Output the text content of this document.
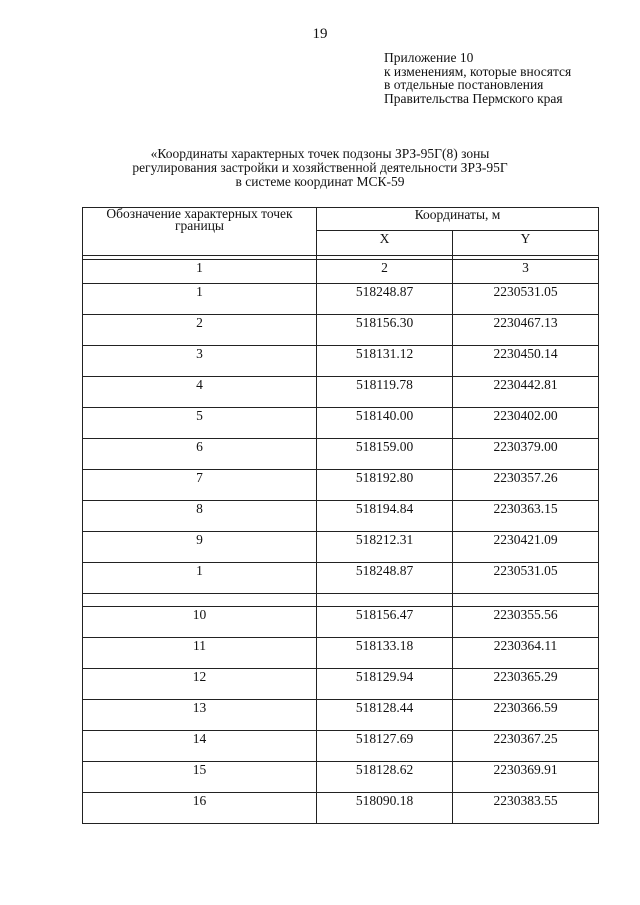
19
Приложение 10
к изменениям, которые вносятся
в отдельные постановления
Правительства Пермского края
«Координаты характерных точек подзоны ЗРЗ-95Г(8) зоны
регулирования застройки и хозяйственной деятельности ЗРЗ-95Г
в системе координат МСК-59
Обозначение характерных точек границы	Координаты, м	
	X	Y

1	2	3
1	518248.87	2230531.05
2	518156.30	2230467.13
3	518131.12	2230450.14
4	518119.78	2230442.81
5	518140.00	2230402.00
6	518159.00	2230379.00
7	518192.80	2230357.26
8	518194.84	2230363.15
9	518212.31	2230421.09
1	518248.87	2230531.05

10	518156.47	2230355.56
11	518133.18	2230364.11
12	518129.94	2230365.29
13	518128.44	2230366.59
14	518127.69	2230367.25
15	518128.62	2230369.91
16	518090.18	2230383.55
